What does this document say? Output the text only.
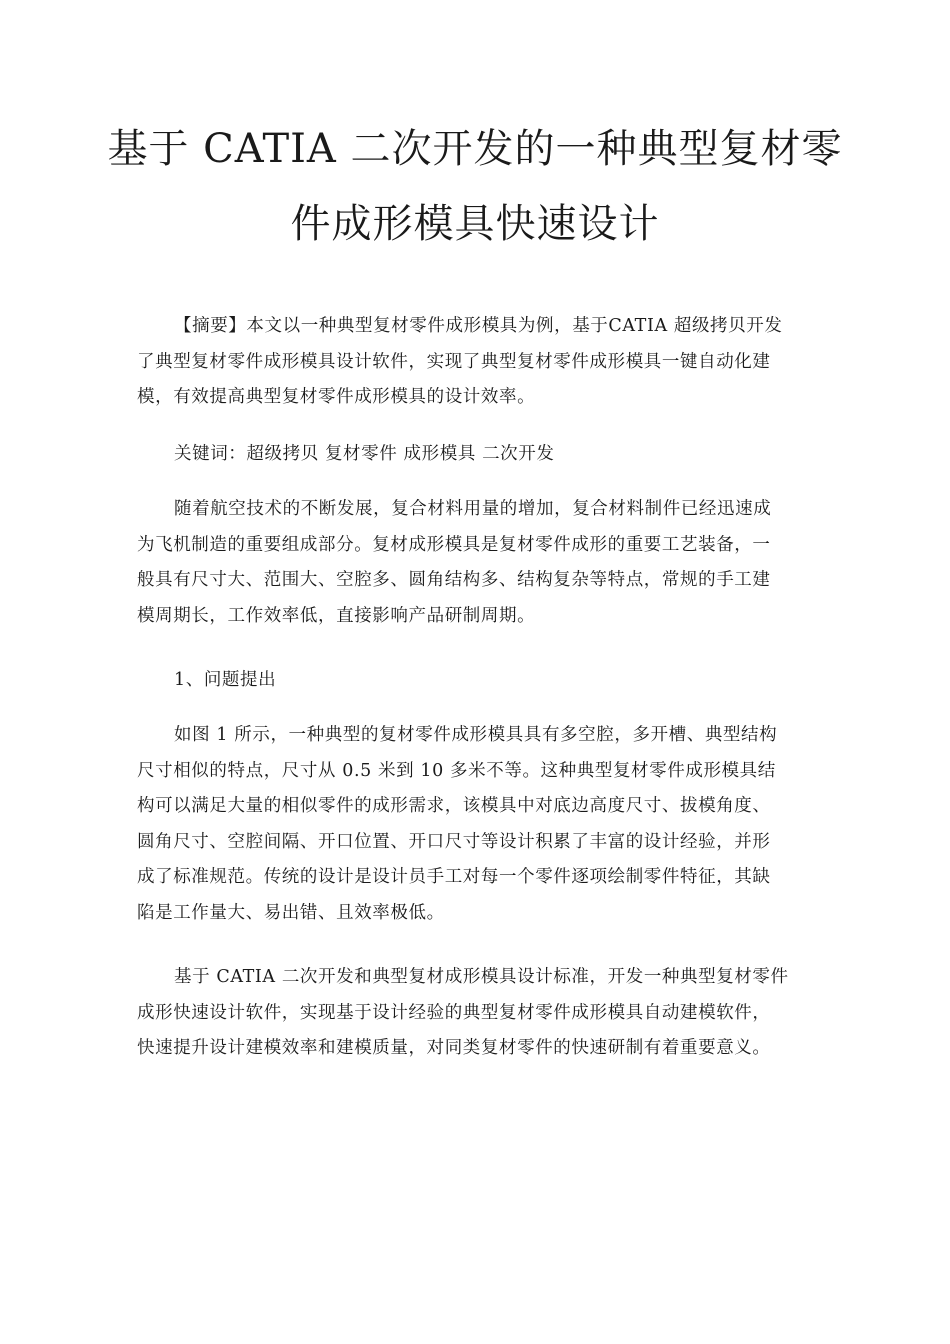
基于 CATIA 二次开发的一种典型复材零
件成形模具快速设计

【摘要】本文以一种典型复材零件成形模具为例，基于CATIA 超级拷贝开发
了典型复材零件成形模具设计软件，实现了典型复材零件成形模具一键自动化建
模，有效提高典型复材零件成形模具的设计效率。

关键词：超级拷贝 复材零件 成形模具 二次开发

随着航空技术的不断发展，复合材料用量的增加，复合材料制件已经迅速成
为飞机制造的重要组成部分。复材成形模具是复材零件成形的重要工艺装备，一
般具有尺寸大、范围大、空腔多、圆角结构多、结构复杂等特点，常规的手工建
模周期长，工作效率低，直接影响产品研制周期。

1、问题提出

如图 1 所示，一种典型的复材零件成形模具具有多空腔，多开槽、典型结构
尺寸相似的特点，尺寸从 0.5 米到 10 多米不等。这种典型复材零件成形模具结
构可以满足大量的相似零件的成形需求，该模具中对底边高度尺寸、拔模角度、
圆角尺寸、空腔间隔、开口位置、开口尺寸等设计积累了丰富的设计经验，并形
成了标准规范。传统的设计是设计员手工对每一个零件逐项绘制零件特征，其缺
陷是工作量大、易出错、且效率极低。

基于 CATIA 二次开发和典型复材成形模具设计标准，开发一种典型复材零件
成形快速设计软件，实现基于设计经验的典型复材零件成形模具自动建模软件，
快速提升设计建模效率和建模质量，对同类复材零件的快速研制有着重要意义。
